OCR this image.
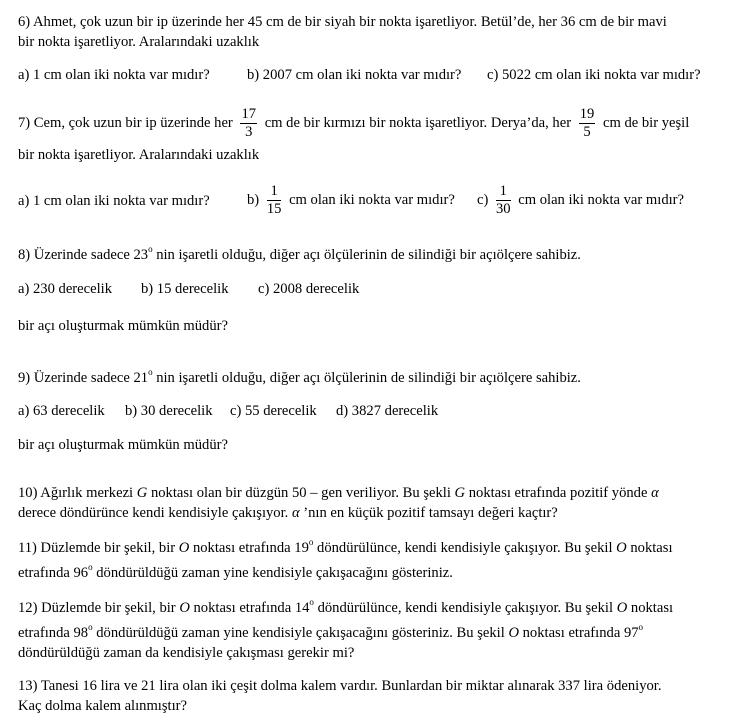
6) Ahmet, çok uzun bir ip üzerinde her 45 cm de bir siyah bir nokta işaretliyor. Betül’de, her 36 cm de bir mavi
bir nokta işaretliyor. Aralarındaki uzaklık
a) 1 cm olan iki nokta var mıdır?	b) 2007 cm olan iki nokta var mıdır? c) 5022 cm olan iki nokta var mıdır?
7) Cem, çok uzun bir ip üzerinde her $\frac{17}{3}$ cm de bir kırmızı bir nokta işaretliyor. Derya’da, her $\frac{19}{5}$ cm de bir yeşil
bir nokta işaretliyor. Aralarındaki uzaklık
a) 1 cm olan iki nokta var mıdır?	$b) \frac{1}{15}$ cm olan iki nokta var mıdır? $c) \frac{1}{30}$ cm olan iki nokta var mıdır?
8) Üzerinde sadece 23$^o$ nin işaretli olduğu, diğer açı ölçülerinin de silindiği bir açıölçere sahibiz.
a) 230 derecelik b) 15 derecelik c) 2008 derecelik
bir açı oluşturmak mümkün müdür?
9) Üzerinde sadece 21$^o$ nin işaretli olduğu, diğer açı ölçülerinin de silindiği bir açıölçere sahibiz.
a) 63 derecelik b) 30 derecelik c) 55 derecelik d) 3827 derecelik
bir açı oluşturmak mümkün müdür?
10) Ağırlık merkezi G noktası olan bir düzgün 50 – gen veriliyor. Bu şekli G noktası etrafında pozitif yönde α
derece döndürünce kendi kendisiyle çakışıyor. α ’nın en küçük pozitif tamsayı değeri kaçtır?
11) Düzlemde bir şekil, bir O noktası etrafında 19$^o$ döndürülünce, kendi kendisiyle çakışıyor. Bu şekil O noktası
etrafında 96$^o$ döndürüldüğü zaman yine kendisiyle çakışacağını gösteriniz.
12) Düzlemde bir şekil, bir O noktası etrafında 14$^o$ döndürülünce, kendi kendisiyle çakışıyor. Bu şekil O noktası
etrafında 98$^o$ döndürüldüğü zaman yine kendisiyle çakışacağını gösteriniz. Bu şekil O noktası etrafında 97$^o$
döndürüldüğü zaman da kendisiyle çakışması gerekir mi?
13) Tanesi 16 lira ve 21 lira olan iki çeşit dolma kalem vardır. Bunlardan bir miktar alınarak 337 lira ödeniyor.
Kaç dolma kalem alınmıştır?
